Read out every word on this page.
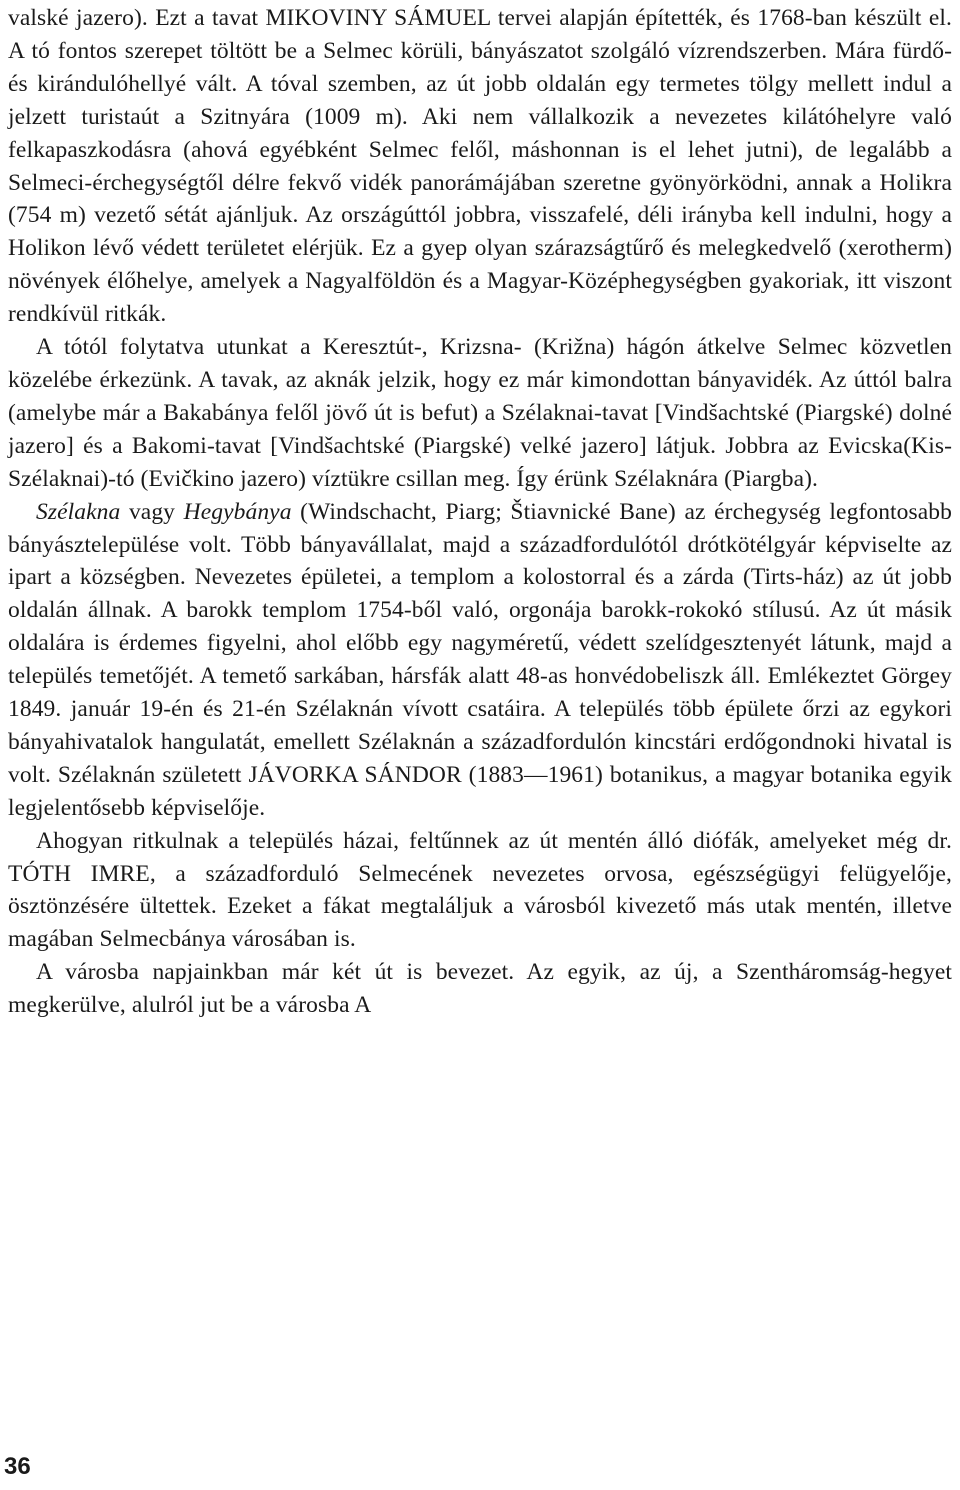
valské jazero). Ezt a tavat MIKOVINY SÁMUEL tervei alapján építették, és 1768-ban készült el. A tó fontos szerepet töltött be a Selmec körüli, bányászatot szolgáló vízrendszerben. Mára fürdő- és kirándulóhellyé vált. A tóval szemben, az út jobb oldalán egy termetes tölgy mellett indul a jelzett turistaút a Szitnyára (1009 m). Aki nem vállalkozik a nevezetes kilátóhelyre való felkapaszkodásra (ahová egyébként Selmec felől, máshonnan is el lehet jutni), de legalább a Selmeci-érchegységtől délre fekvő vidék panorámájában szeretne gyönyörködni, annak a Holikra (754 m) vezető sétát ajánljuk. Az országúttól jobbra, visszafelé, déli irányba kell indulni, hogy a Holikon lévő védett területet elérjük. Ez a gyep olyan szárazságtűrő és melegkedvelő (xerotherm) növények élőhelye, amelyek a Nagyalföldön és a Magyar-Középhegységben gyakoriak, itt viszont rendkívül ritkák.

A tótól folytatva utunkat a Keresztút-, Krizsna- (Križna) hágón átkelve Selmec közvetlen közelébe érkezünk. A tavak, az aknák jelzik, hogy ez már kimondottan bányavidék. Az úttól balra (amelybe már a Bakabánya felől jövő út is befut) a Szélaknai-tavat [Vindšachtské (Piargské) dolné jazero] és a Bakomi-tavat [Vindšachtské (Piargské) velké jazero] látjuk. Jobbra az Evicska(Kis-Szélaknai)-tó (Evičkino jazero) víztükre csillan meg. Így érünk Szélaknára (Piargba).

Szélakna vagy Hegybánya (Windschacht, Piarg; Štiavnické Bane) az érchegység legfontosabb bányásztelepülése volt. Több bányavállalat, majd a századfordulótól drótkötélgyár képviselte az ipart a községben. Nevezetes épületei, a templom a kolostorral és a zárda (Tirts-ház) az út jobb oldalán állnak. A barokk templom 1754-ből való, orgonája barokk-rokokó stílusú. Az út másik oldalára is érdemes figyelni, ahol előbb egy nagyméretű, védett szelídgesztenyét látunk, majd a település temetőjét. A temető sarkában, hársfák alatt 48-as honvédobeliszk áll. Emlékeztet Görgey 1849. január 19-én és 21-én Szélaknán vívott csatáira. A település több épülete őrzi az egykori bányahivatalok hangulatát, emellett Szélaknán a századfordulón kincstári erdőgondnoki hivatal is volt. Szélaknán született JÁVORKA SÁNDOR (1883—1961) botanikus, a magyar botanika egyik legjelentősebb képviselője.

Ahogyan ritkulnak a település házai, feltűnnek az út mentén álló diófák, amelyeket még dr. TÓTH IMRE, a századforduló Selmecének nevezetes orvosa, egészségügyi felügyelője, ösztönzésére ültettek. Ezeket a fákat megtaláljuk a városból kivezető más utak mentén, illetve magában Selmecbánya városában is.

A városba napjainkban már két út is bevezet. Az egyik, az új, a Szentháromság-hegyet megkerülve, alulról jut be a városba A

36
